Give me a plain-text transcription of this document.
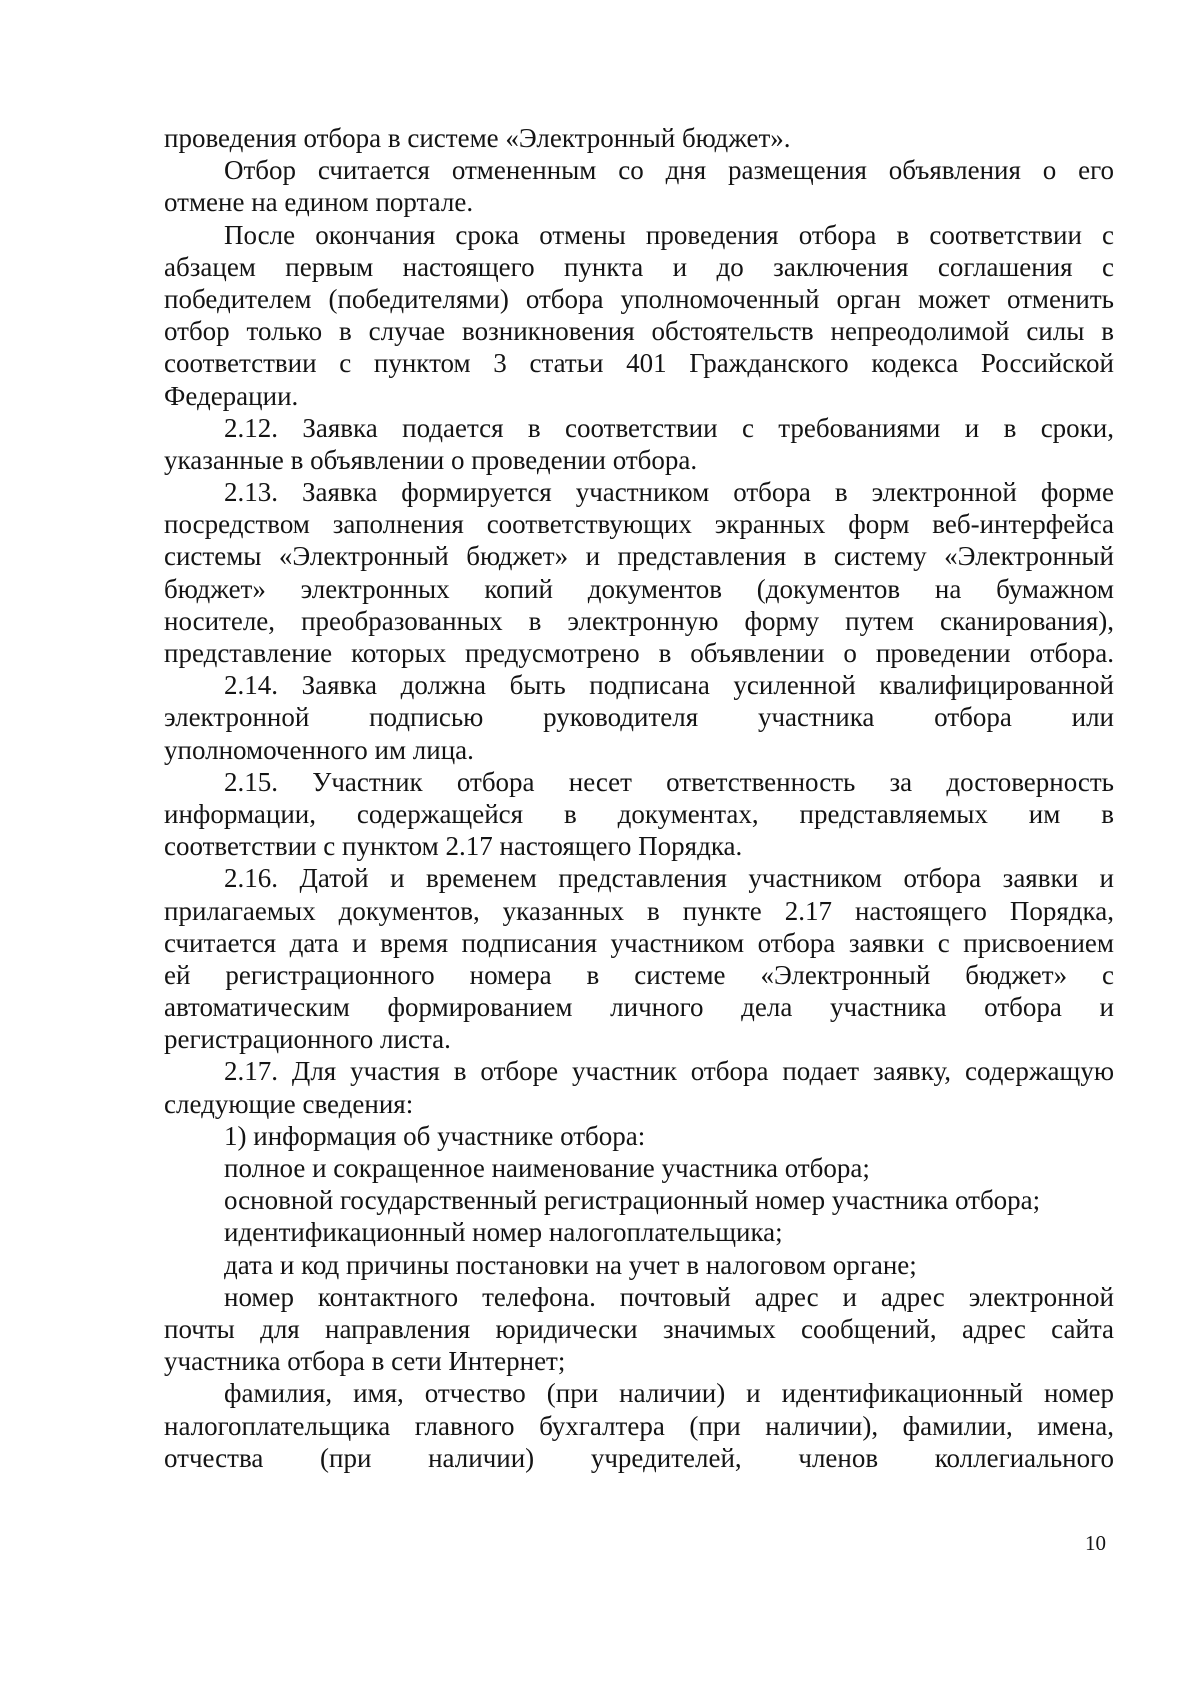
проведения отбора в системе «Электронный бюджет».
Отбор считается отмененным со дня размещения объявления о его
отмене на едином портале.
После окончания срока отмены проведения отбора в соответствии с
абзацем первым настоящего пункта и до заключения соглашения с
победителем (победителями) отбора уполномоченный орган может отменить
отбор только в случае возникновения обстоятельств непреодолимой силы в
соответствии с пунктом 3 статьи 401 Гражданского кодекса Российской
Федерации.
2.12. Заявка подается в соответствии с требованиями и в сроки,
указанные в объявлении о проведении отбора.
2.13. Заявка формируется участником отбора в электронной форме
посредством заполнения соответствующих экранных форм веб-интерфейса
системы «Электронный бюджет» и представления в систему «Электронный
бюджет» электронных копий документов (документов на бумажном
носителе, преобразованных в электронную форму путем сканирования),
представление которых предусмотрено в объявлении о проведении отбора.
2.14. Заявка должна быть подписана усиленной квалифицированной
электронной подписью руководителя участника отбора или
уполномоченного им лица.
2.15. Участник отбора несет ответственность за достоверность
информации, содержащейся в документах, представляемых им в
соответствии с пунктом 2.17 настоящего Порядка.
2.16. Датой и временем представления участником отбора заявки и
прилагаемых документов, указанных в пункте 2.17 настоящего Порядка,
считается дата и время подписания участником отбора заявки с присвоением
ей регистрационного номера в системе «Электронный бюджет» с
автоматическим формированием личного дела участника отбора и
регистрационного листа.
2.17. Для участия в отборе участник отбора подает заявку, содержащую
следующие сведения:
1) информация об участнике отбора:
полное и сокращенное наименование участника отбора;
основной государственный регистрационный номер участника отбора;
идентификационный номер налогоплательщика;
дата и код причины постановки на учет в налоговом органе;
номер контактного телефона. почтовый адрес и адрес электронной
почты для направления юридически значимых сообщений, адрес сайта
участника отбора в сети Интернет;
фамилия, имя, отчество (при наличии) и идентификационный номер
налогоплательщика главного бухгалтера (при наличии), фамилии, имена,
отчества (при наличии) учредителей, членов коллегиального
10
